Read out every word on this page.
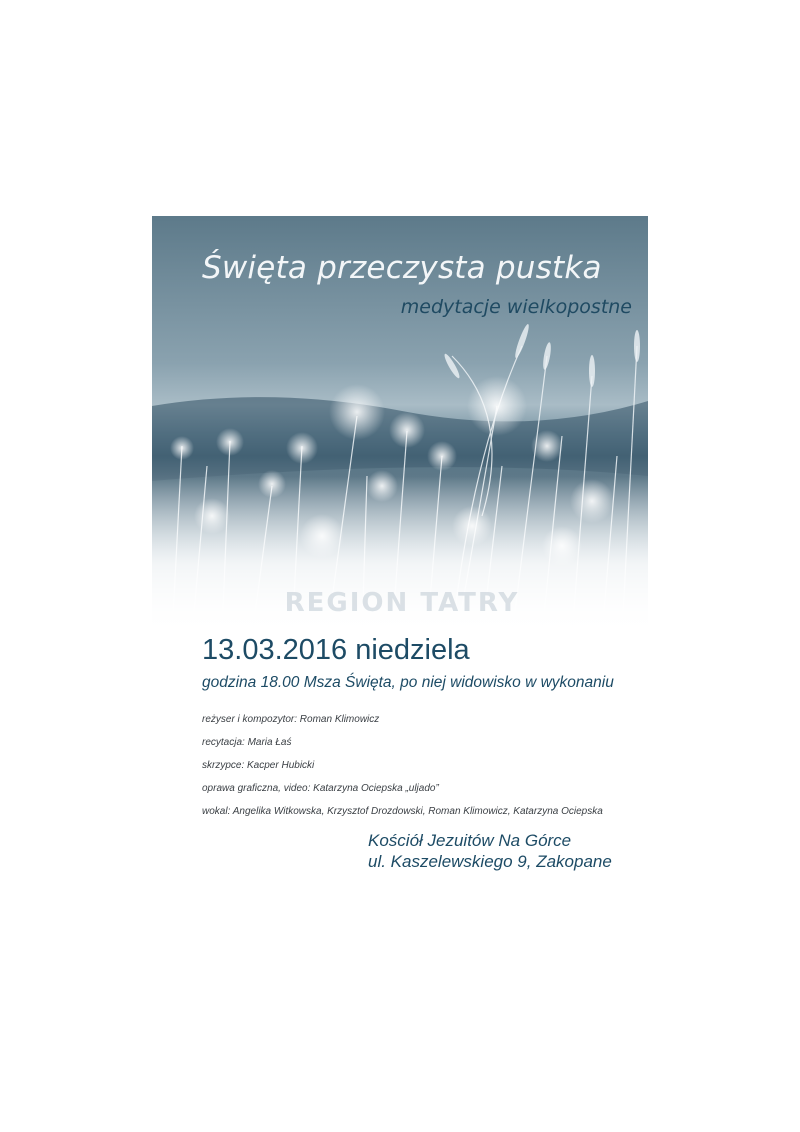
Święta przeczysta pustka
medytacje wielkopostne
REGION TATRY
13.03.2016 niedziela
godzina 18.00 Msza Święta, po niej widowisko w wykonaniu
reżyser i kompozytor: Roman Klimowicz
recytacja: Maria Łaś
skrzypce: Kacper Hubicki
oprawa graficzna, video: Katarzyna Ociepska „uljado”
wokal: Angelika Witkowska, Krzysztof Drozdowski, Roman Klimowicz, Katarzyna Ociepska
Kościół Jezuitów Na Górce
ul. Kaszelewskiego 9, Zakopane
